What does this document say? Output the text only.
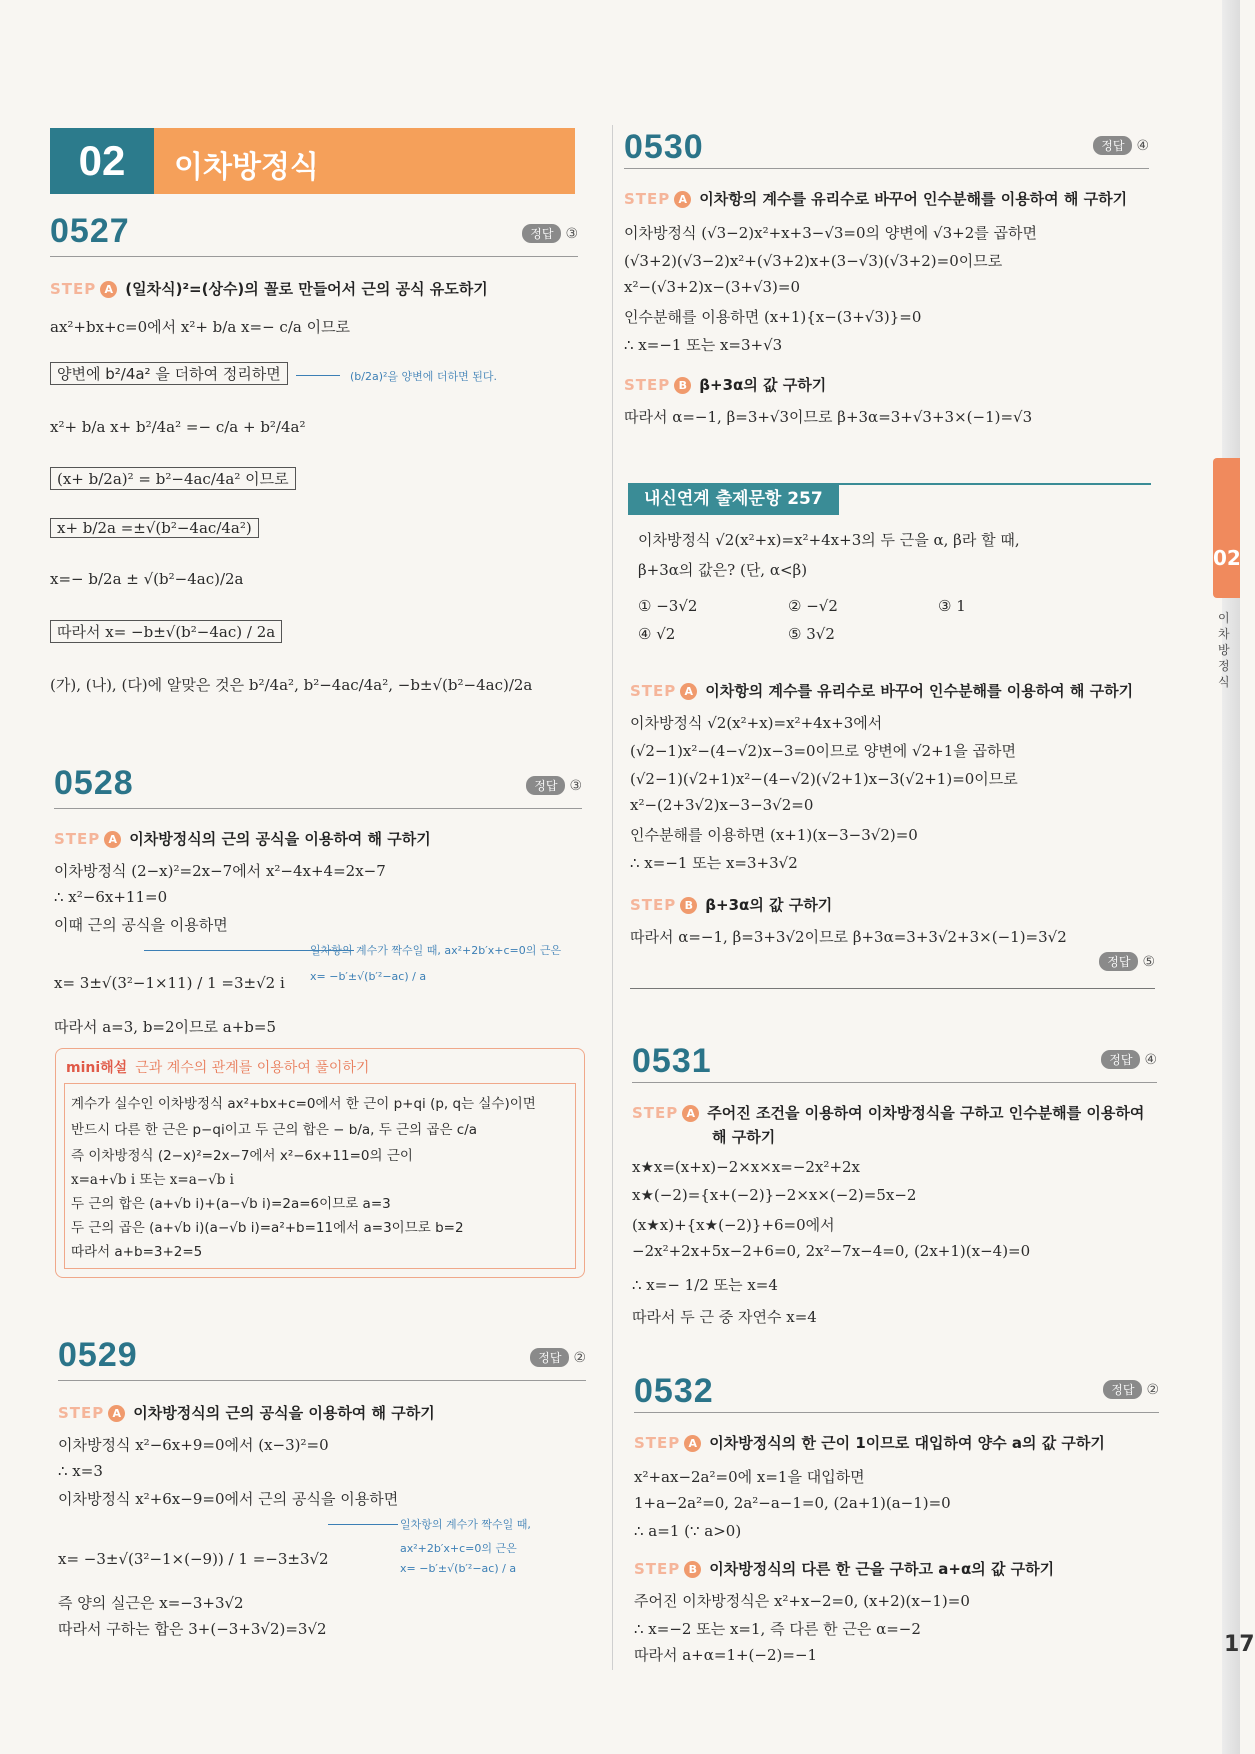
02
이차방정식
17
02	이차방정식
0527	정답 ③
STEP A (일차식)²=(상수)의 꼴로 만들어서 근의 공식 유도하기
ax²+bx+c=0에서 x²+ b/a x=− c/a 이므로
양변에 b²/4a² 을 더하여 정리하면	(b/2a)²을 양변에 더하면 된다.
x²+ b/a x+ b²/4a² =− c/a + b²/4a²
(x+ b/2a)² = b²−4ac/4a² 이므로
x+ b/2a =±√(b²−4ac/4a²)
x=− b/2a ± √(b²−4ac)/2a
따라서 x= −b±√(b²−4ac) / 2a
(가), (나), (다)에 알맞은 것은 b²/4a², b²−4ac/4a², −b±√(b²−4ac)/2a
0528	정답 ③
STEP A 이차방정식의 근의 공식을 이용하여 해 구하기
이차방정식 (2−x)²=2x−7에서 x²−4x+4=2x−7
∴ x²−6x+11=0
이때 근의 공식을 이용하면
일차항의 계수가 짝수일 때, ax²+2b′x+c=0의 근은
x= −b′±√(b′²−ac) / a
x= 3±√(3²−1×11) / 1 =3±√2 i
따라서 a=3, b=2이므로 a+b=5
mini해설 근과 계수의 관계를 이용하여 풀이하기
계수가 실수인 이차방정식 ax²+bx+c=0에서 한 근이 p+qi (p, q는 실수)이면
반드시 다른 한 근은 p−qi이고 두 근의 합은 − b/a, 두 근의 곱은 c/a
즉 이차방정식 (2−x)²=2x−7에서 x²−6x+11=0의 근이
x=a+√b i 또는 x=a−√b i
두 근의 합은 (a+√b i)+(a−√b i)=2a=6이므로 a=3
두 근의 곱은 (a+√b i)(a−√b i)=a²+b=11에서 a=3이므로 b=2
따라서 a+b=3+2=5
0529	정답 ②
STEP A 이차방정식의 근의 공식을 이용하여 해 구하기
이차방정식 x²−6x+9=0에서 (x−3)²=0
∴ x=3
이차방정식 x²+6x−9=0에서 근의 공식을 이용하면
일차항의 계수가 짝수일 때,
ax²+2b′x+c=0의 근은
x= −b′±√(b′²−ac) / a
x= −3±√(3²−1×(−9)) / 1 =−3±3√2
즉 양의 실근은 x=−3+3√2
따라서 구하는 합은 3+(−3+3√2)=3√2
0530	정답 ④
STEP A 이차항의 계수를 유리수로 바꾸어 인수분해를 이용하여 해 구하기
이차방정식 (√3−2)x²+x+3−√3=0의 양변에 √3+2를 곱하면
(√3+2)(√3−2)x²+(√3+2)x+(3−√3)(√3+2)=0이므로
x²−(√3+2)x−(3+√3)=0
인수분해를 이용하면 (x+1){x−(3+√3)}=0
∴ x=−1 또는 x=3+√3
STEP B β+3α의 값 구하기
따라서 α=−1, β=3+√3이므로 β+3α=3+√3+3×(−1)=√3
내신연계 출제문항 257
이차방정식 √2(x²+x)=x²+4x+3의 두 근을 α, β라 할 때,
β+3α의 값은? (단, α<β)
① −3√2	② −√2	③ 1
④ √2	⑤ 3√2
STEP A 이차항의 계수를 유리수로 바꾸어 인수분해를 이용하여 해 구하기
이차방정식 √2(x²+x)=x²+4x+3에서
(√2−1)x²−(4−√2)x−3=0이므로 양변에 √2+1을 곱하면
(√2−1)(√2+1)x²−(4−√2)(√2+1)x−3(√2+1)=0이므로
x²−(2+3√2)x−3−3√2=0
인수분해를 이용하면 (x+1)(x−3−3√2)=0
∴ x=−1 또는 x=3+3√2
STEP B β+3α의 값 구하기
따라서 α=−1, β=3+3√2이므로 β+3α=3+3√2+3×(−1)=3√2
정답 ⑤
0531	정답 ④
STEP A 주어진 조건을 이용하여 이차방정식을 구하고 인수분해를 이용하여
해 구하기
x★x=(x+x)−2×x×x=−2x²+2x
x★(−2)={x+(−2)}−2×x×(−2)=5x−2
(x★x)+{x★(−2)}+6=0에서
−2x²+2x+5x−2+6=0, 2x²−7x−4=0, (2x+1)(x−4)=0
∴ x=− 1/2 또는 x=4
따라서 두 근 중 자연수 x=4
0532	정답 ②
STEP A 이차방정식의 한 근이 1이므로 대입하여 양수 a의 값 구하기
x²+ax−2a²=0에 x=1을 대입하면
1+a−2a²=0, 2a²−a−1=0, (2a+1)(a−1)=0
∴ a=1 (∵ a>0)
STEP B 이차방정식의 다른 한 근을 구하고 a+α의 값 구하기
주어진 이차방정식은 x²+x−2=0, (x+2)(x−1)=0
∴ x=−2 또는 x=1, 즉 다른 한 근은 α=−2
따라서 a+α=1+(−2)=−1
